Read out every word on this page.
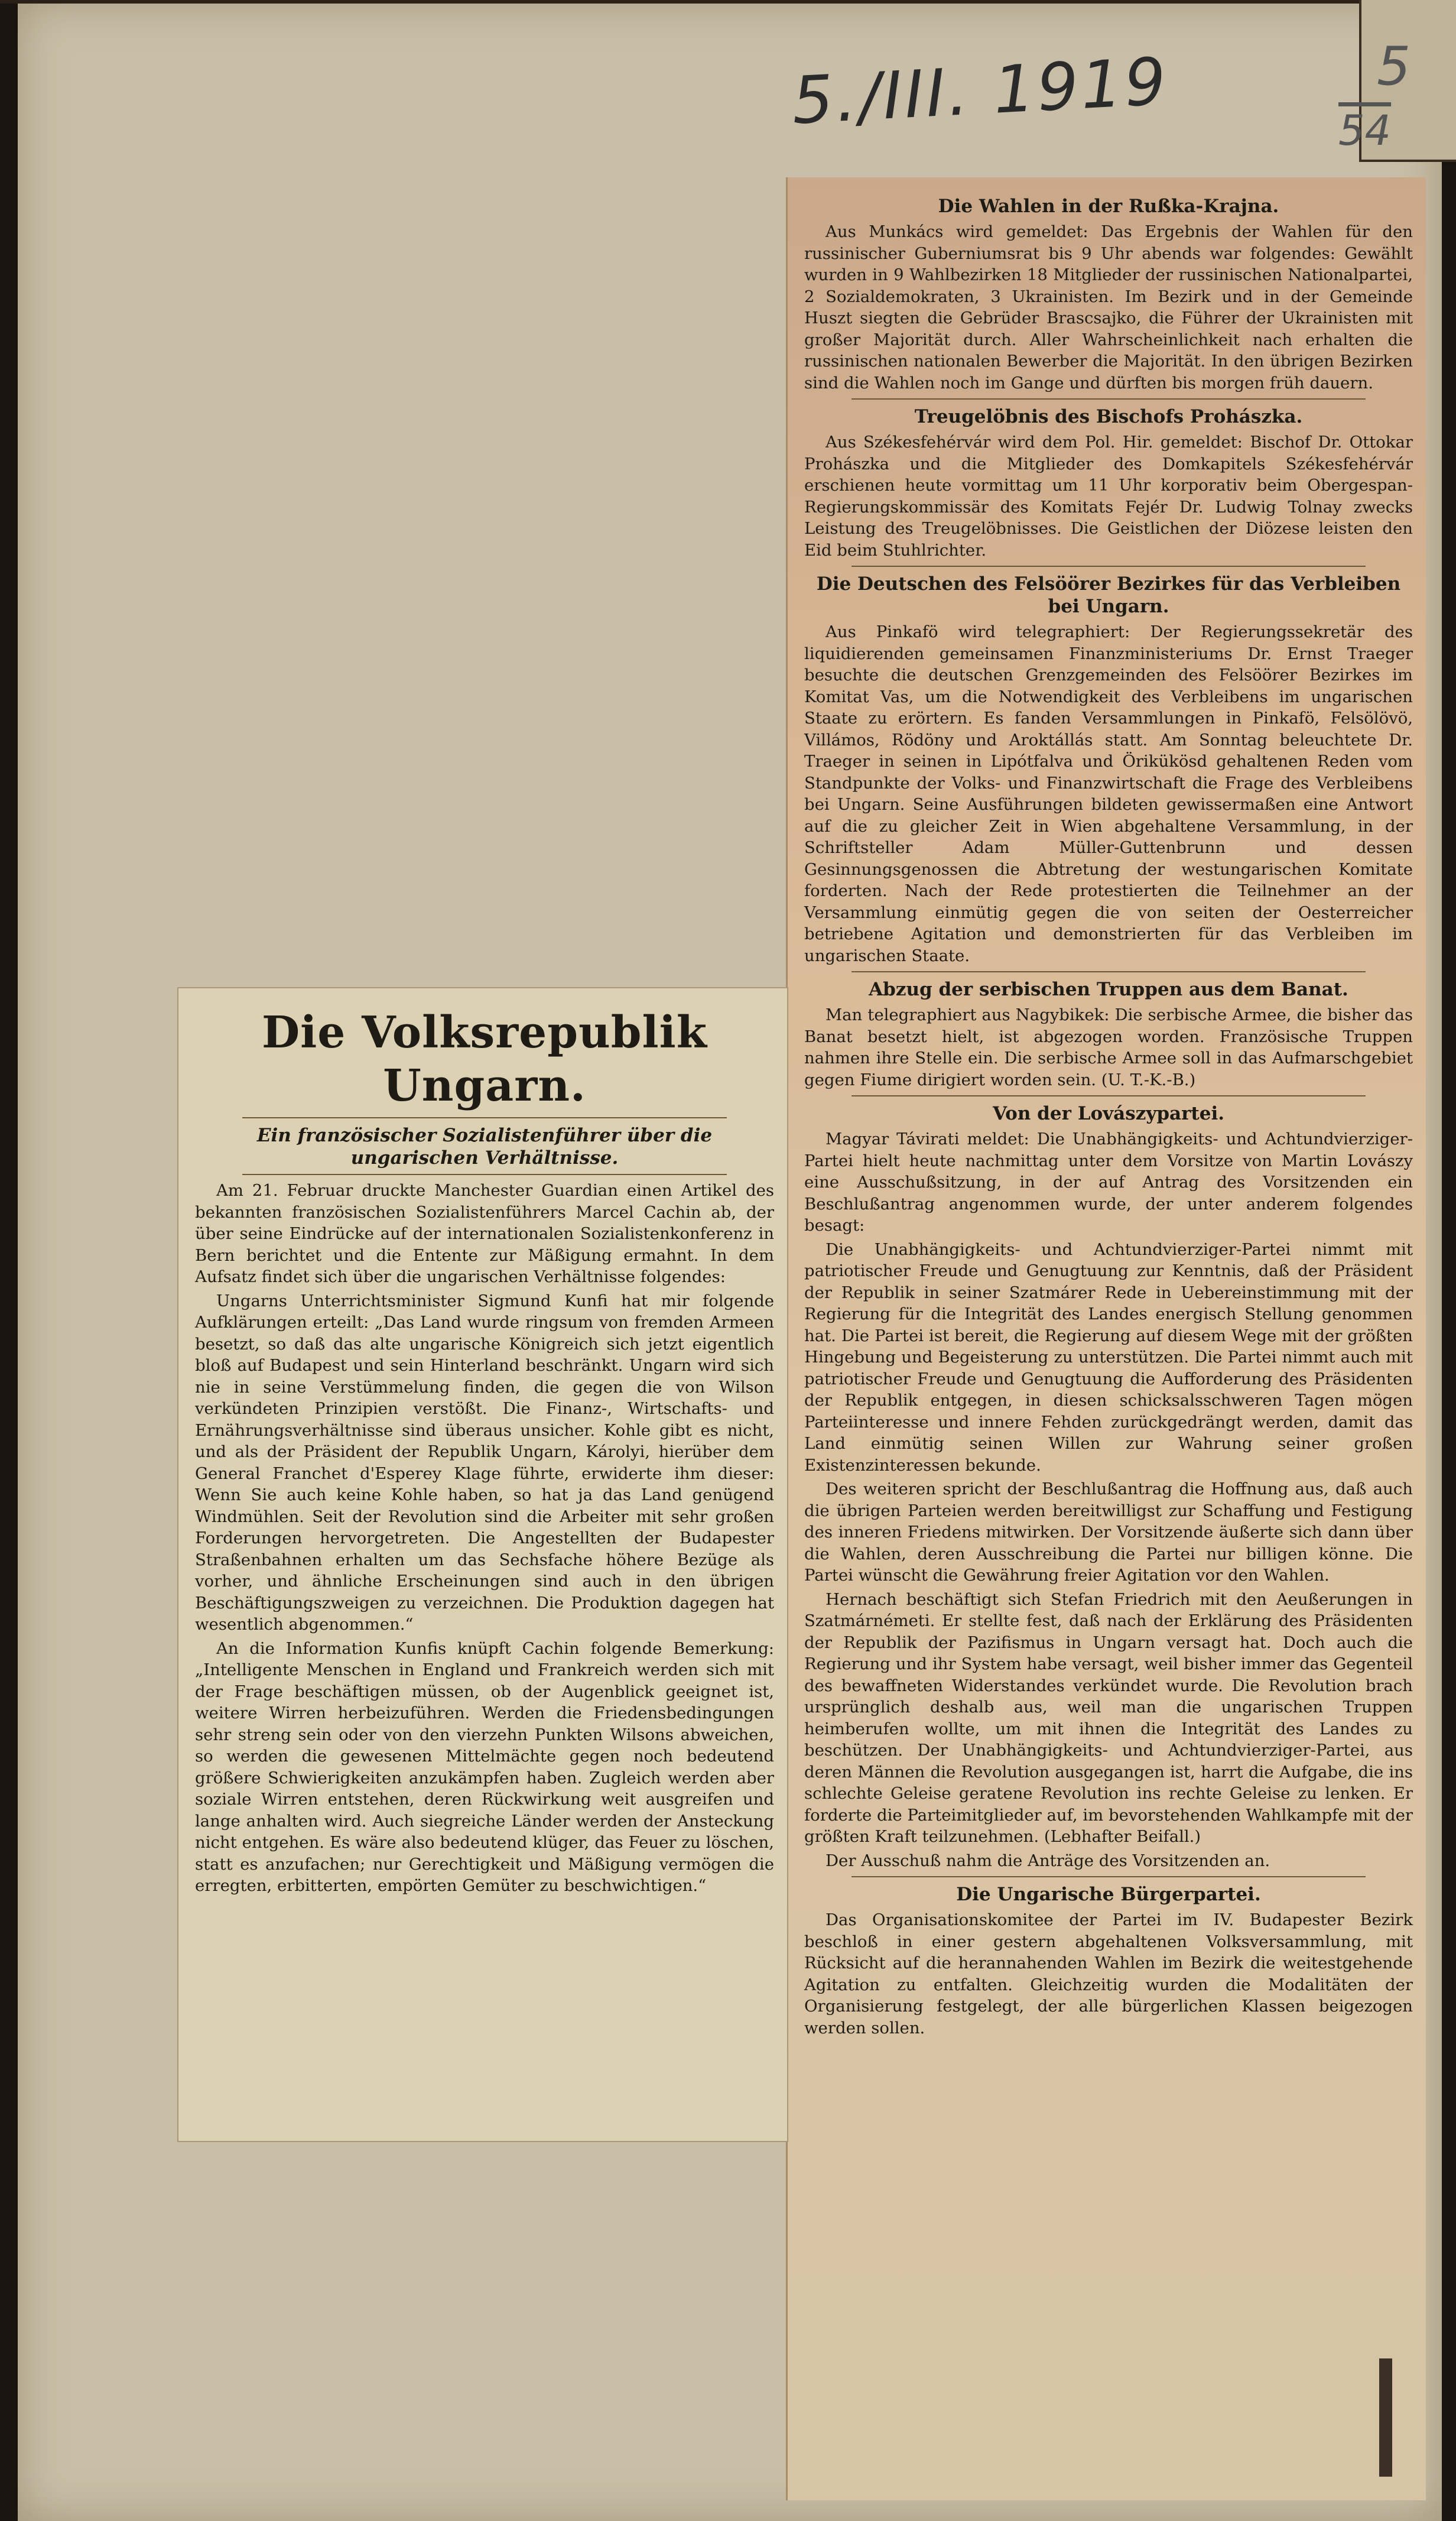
5./III. 1919	5
54
Die Wahlen in der Rußka-Krajna.

Aus Munkács wird gemeldet: Das Ergebnis der Wahlen für den russinischer Guberniumsrat bis 9 Uhr abends war folgendes: Gewählt wurden in 9 Wahlbezirken 18 Mitglieder der russinischen Nationalpartei, 2 Sozialdemokraten, 3 Ukrainisten. Im Bezirk und in der Gemeinde Huszt siegten die Gebrüder Brascsajko, die Führer der Ukrainisten mit großer Majorität durch. Aller Wahrscheinlichkeit nach erhalten die russinischen nationalen Bewerber die Majorität. In den übrigen Bezirken sind die Wahlen noch im Gange und dürften bis morgen früh dauern.

Treugelöbnis des Bischofs Prohászka.

Aus Székesfehérvár wird dem Pol. Hir. gemeldet: Bischof Dr. Ottokar Prohászka und die Mitglieder des Domkapitels Székesfehérvár erschienen heute vormittag um 11 Uhr korporativ beim Obergespan-Regierungskommissär des Komitats Fejér Dr. Ludwig Tolnay zwecks Leistung des Treugelöbnisses. Die Geistlichen der Diözese leisten den Eid beim Stuhlrichter.

Die Deutschen des Felsöörer Bezirkes für das Verbleiben bei Ungarn.

Aus Pinkafö wird telegraphiert: Der Regierungssekretär des liquidierenden gemeinsamen Finanzministeriums Dr. Ernst Traeger besuchte die deutschen Grenzgemeinden des Felsöörer Bezirkes im Komitat Vas, um die Notwendigkeit des Verbleibens im ungarischen Staate zu erörtern. Es fanden Versammlungen in Pinkafö, Felsölövö, Villámos, Rödöny und Aroktállás statt. Am Sonntag beleuchtete Dr. Traeger in seinen in Lipótfalva und Örikükösd gehaltenen Reden vom Standpunkte der Volks- und Finanzwirtschaft die Frage des Verbleibens bei Ungarn. Seine Ausführungen bildeten gewissermaßen eine Antwort auf die zu gleicher Zeit in Wien abgehaltene Versammlung, in der Schriftsteller Adam Müller-Guttenbrunn und dessen Gesinnungsgenossen die Abtretung der westungarischen Komitate forderten. Nach der Rede protestierten die Teilnehmer an der Versammlung einmütig gegen die von seiten der Oesterreicher betriebene Agitation und demonstrierten für das Verbleiben im ungarischen Staate.

Abzug der serbischen Truppen aus dem Banat.

Man telegraphiert aus Nagybikek: Die serbische Armee, die bisher das Banat besetzt hielt, ist abgezogen worden. Französische Truppen nahmen ihre Stelle ein. Die serbische Armee soll in das Aufmarschgebiet gegen Fiume dirigiert worden sein. (U. T.-K.-B.)

Von der Lovászypartei.

Magyar Távirati meldet: Die Unabhängigkeits- und Achtundvierziger-Partei hielt heute nachmittag unter dem Vorsitze von Martin Lovászy eine Ausschußsitzung, in der auf Antrag des Vorsitzenden ein Beschlußantrag angenommen wurde, der unter anderem folgendes besagt:

Die Unabhängigkeits- und Achtundvierziger-Partei nimmt mit patriotischer Freude und Genugtuung zur Kenntnis, daß der Präsident der Republik in seiner Szatmárer Rede in Uebereinstimmung mit der Regierung für die Integrität des Landes energisch Stellung genommen hat. Die Partei ist bereit, die Regierung auf diesem Wege mit der größten Hingebung und Begeisterung zu unterstützen. Die Partei nimmt auch mit patriotischer Freude und Genugtuung die Aufforderung des Präsidenten der Republik entgegen, in diesen schicksalsschweren Tagen mögen Parteiinteresse und innere Fehden zurückgedrängt werden, damit das Land einmütig seinen Willen zur Wahrung seiner großen Existenzinteressen bekunde.

Des weiteren spricht der Beschlußantrag die Hoffnung aus, daß auch die übrigen Parteien werden bereitwilligst zur Schaffung und Festigung des inneren Friedens mitwirken. Der Vorsitzende äußerte sich dann über die Wahlen, deren Ausschreibung die Partei nur billigen könne. Die Partei wünscht die Gewährung freier Agitation vor den Wahlen.

Hernach beschäftigt sich Stefan Friedrich mit den Aeußerungen in Szatmárnémeti. Er stellte fest, daß nach der Erklärung des Präsidenten der Republik der Pazifismus in Ungarn versagt hat. Doch auch die Regierung und ihr System habe versagt, weil bisher immer das Gegenteil des bewaffneten Widerstandes verkündet wurde. Die Revolution brach ursprünglich deshalb aus, weil man die ungarischen Truppen heimberufen wollte, um mit ihnen die Integrität des Landes zu beschützen. Der Unabhängigkeits- und Achtundvierziger-Partei, aus deren Männen die Revolution ausgegangen ist, harrt die Aufgabe, die ins schlechte Geleise geratene Revolution ins rechte Geleise zu lenken. Er forderte die Parteimitglieder auf, im bevorstehenden Wahlkampfe mit der größten Kraft teilzunehmen. (Lebhafter Beifall.)

Der Ausschuß nahm die Anträge des Vorsitzenden an.

Die Ungarische Bürgerpartei.

Das Organisationskomitee der Partei im IV. Budapester Bezirk beschloß in einer gestern abgehaltenen Volksversammlung, mit Rücksicht auf die herannahenden Wahlen im Bezirk die weitestgehende Agitation zu entfalten. Gleichzeitig wurden die Modalitäten der Organisierung festgelegt, der alle bürgerlichen Klassen beigezogen werden sollen.

Die Volksrepublik Ungarn.
Ein französischer Sozialistenführer über die ungarischen Verhältnisse.

Am 21. Februar druckte Manchester Guardian einen Artikel des bekannten französischen Sozialistenführers Marcel Cachin ab, der über seine Eindrücke auf der internationalen Sozialistenkonferenz in Bern berichtet und die Entente zur Mäßigung ermahnt. In dem Aufsatz findet sich über die ungarischen Verhältnisse folgendes:

Ungarns Unterrichtsminister Sigmund Kunfi hat mir folgende Aufklärungen erteilt: „Das Land wurde ringsum von fremden Armeen besetzt, so daß das alte ungarische Königreich sich jetzt eigentlich bloß auf Budapest und sein Hinterland beschränkt. Ungarn wird sich nie in seine Verstümmelung finden, die gegen die von Wilson verkündeten Prinzipien verstößt. Die Finanz-, Wirtschafts- und Ernährungsverhältnisse sind überaus unsicher. Kohle gibt es nicht, und als der Präsident der Republik Ungarn, Károlyi, hierüber dem General Franchet d'Esperey Klage führte, erwiderte ihm dieser: Wenn Sie auch keine Kohle haben, so hat ja das Land genügend Windmühlen. Seit der Revolution sind die Arbeiter mit sehr großen Forderungen hervorgetreten. Die Angestellten der Budapester Straßenbahnen erhalten um das Sechsfache höhere Bezüge als vorher, und ähnliche Erscheinungen sind auch in den übrigen Beschäftigungszweigen zu verzeichnen. Die Produktion dagegen hat wesentlich abgenommen.“

An die Information Kunfis knüpft Cachin folgende Bemerkung: „Intelligente Menschen in England und Frankreich werden sich mit der Frage beschäftigen müssen, ob der Augenblick geeignet ist, weitere Wirren herbeizuführen. Werden die Friedensbedingungen sehr streng sein oder von den vierzehn Punkten Wilsons abweichen, so werden die gewesenen Mittelmächte gegen noch bedeutend größere Schwierigkeiten anzukämpfen haben. Zugleich werden aber soziale Wirren entstehen, deren Rückwirkung weit ausgreifen und lange anhalten wird. Auch siegreiche Länder werden der Ansteckung nicht entgehen. Es wäre also bedeutend klüger, das Feuer zu löschen, statt es anzufachen; nur Gerechtigkeit und Mäßigung vermögen die erregten, erbitterten, empörten Gemüter zu beschwichtigen.“
